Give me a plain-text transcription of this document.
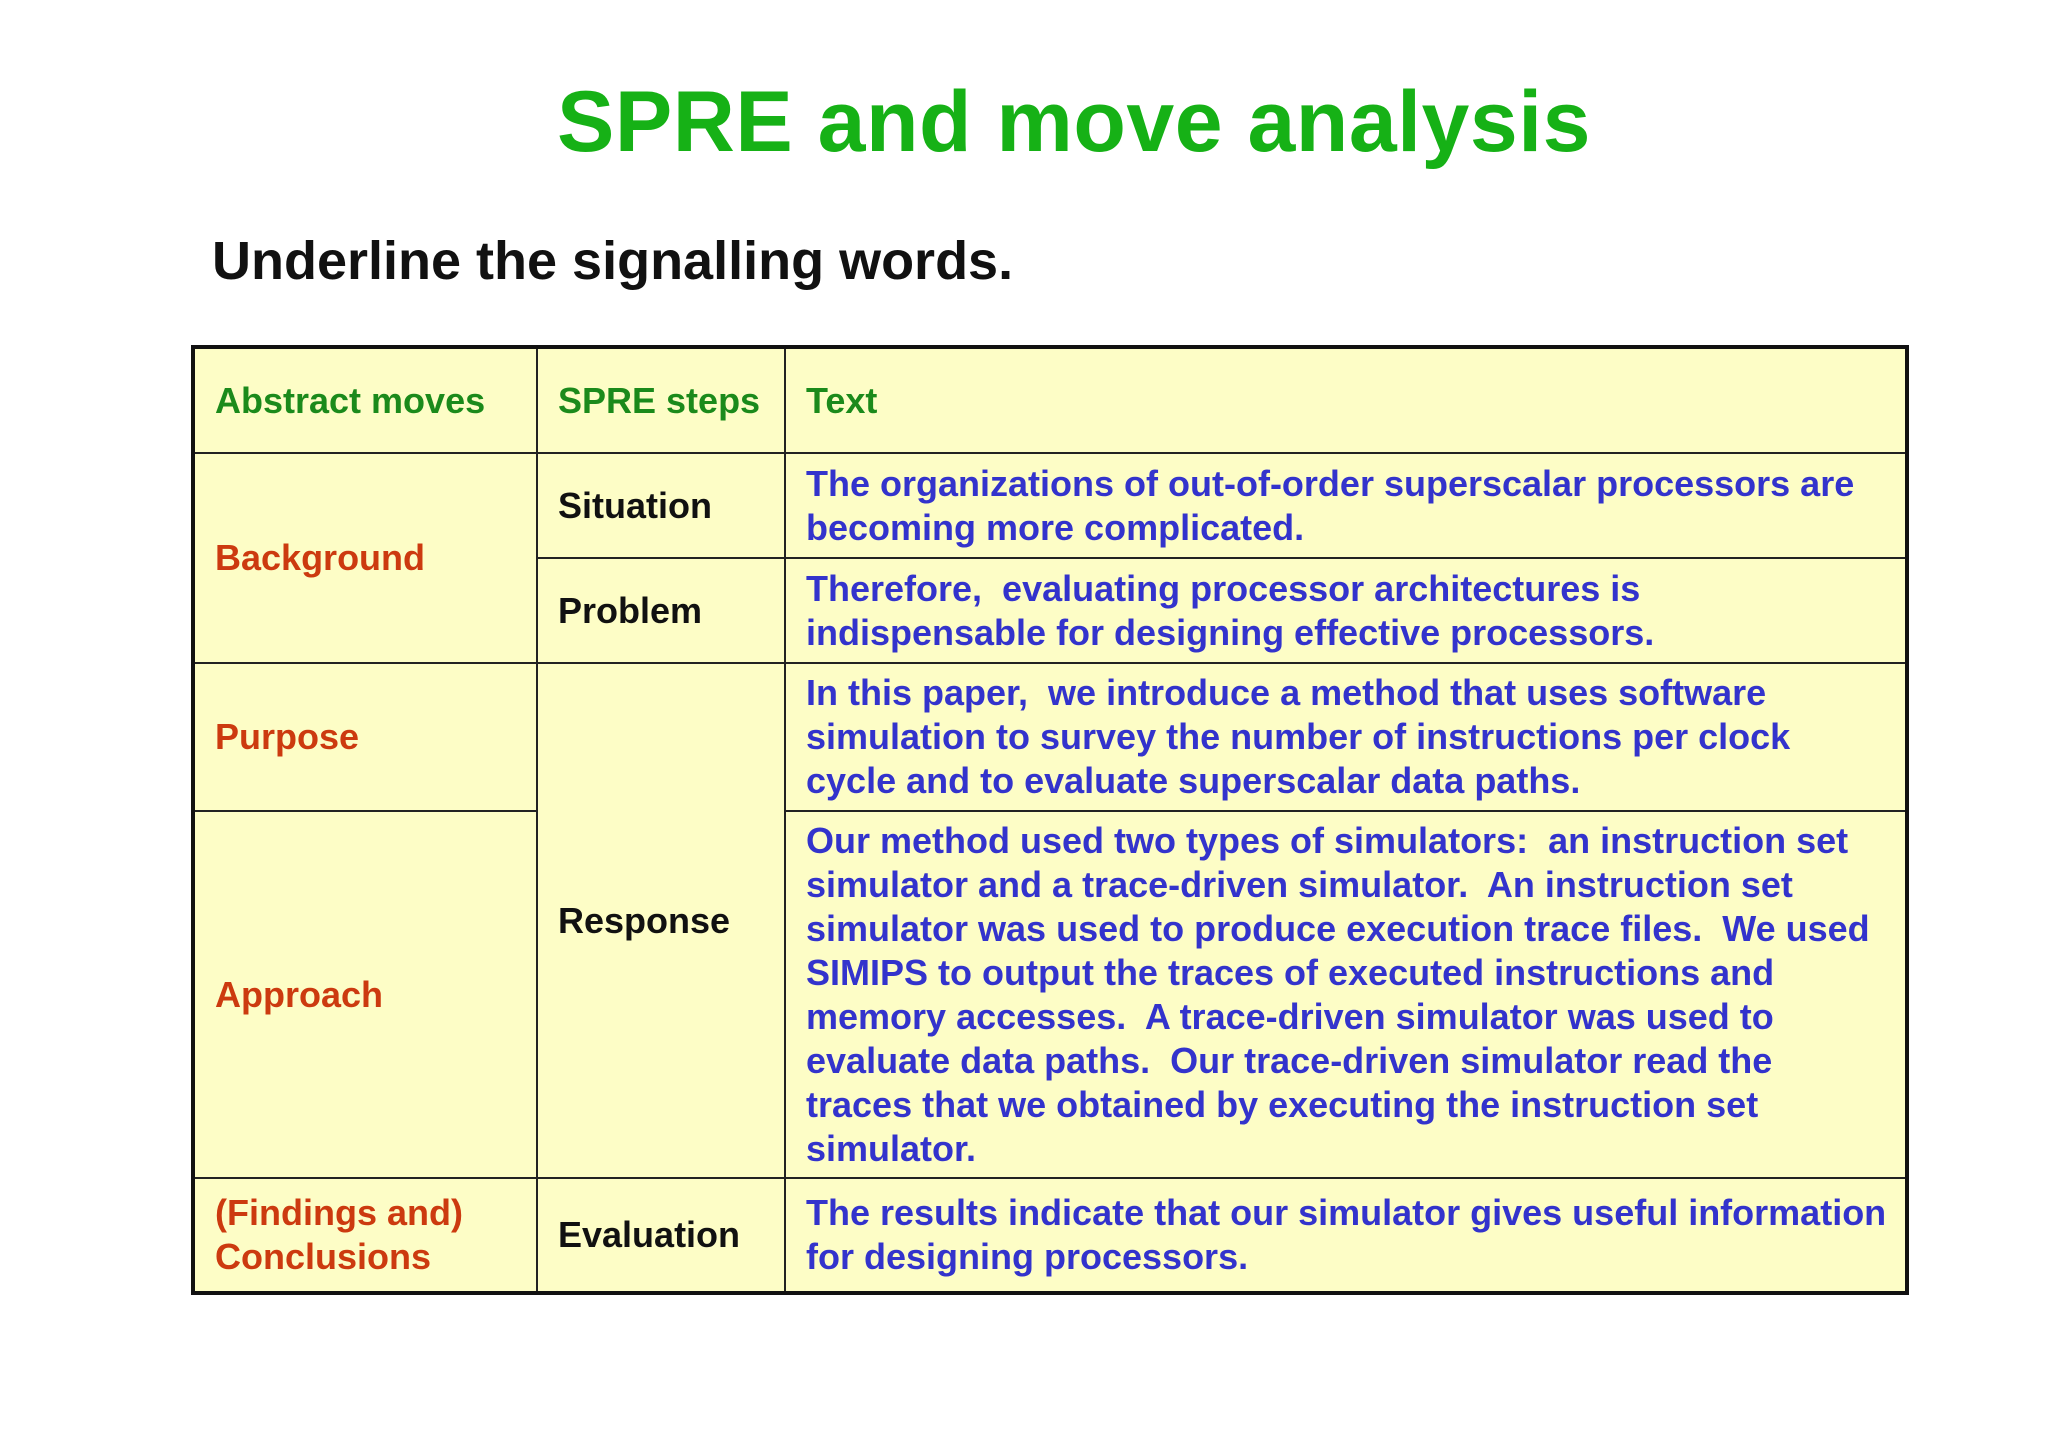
SPRE and move analysis
Underline the signalling words.
Abstract moves	SPRE steps	Text
Background	Situation	The organizations of out-of-order superscalar processors are becoming more complicated.
	Problem	Therefore,  evaluating processor architectures is indispensable for designing effective processors.
Purpose	Response	In this paper,  we introduce a method that uses software simulation to survey the number of instructions per clock cycle and to evaluate superscalar data paths.
Approach		Our method used two types of simulators:  an instruction set simulator and a trace-driven simulator.  An instruction set simulator was used to produce execution trace files.  We used SIMIPS to output the traces of executed instructions and memory accesses.  A trace-driven simulator was used to evaluate data paths.  Our trace-driven simulator read the traces that we obtained by executing the instruction set simulator.
(Findings and) Conclusions	Evaluation	The results indicate that our simulator gives useful information for designing processors.
